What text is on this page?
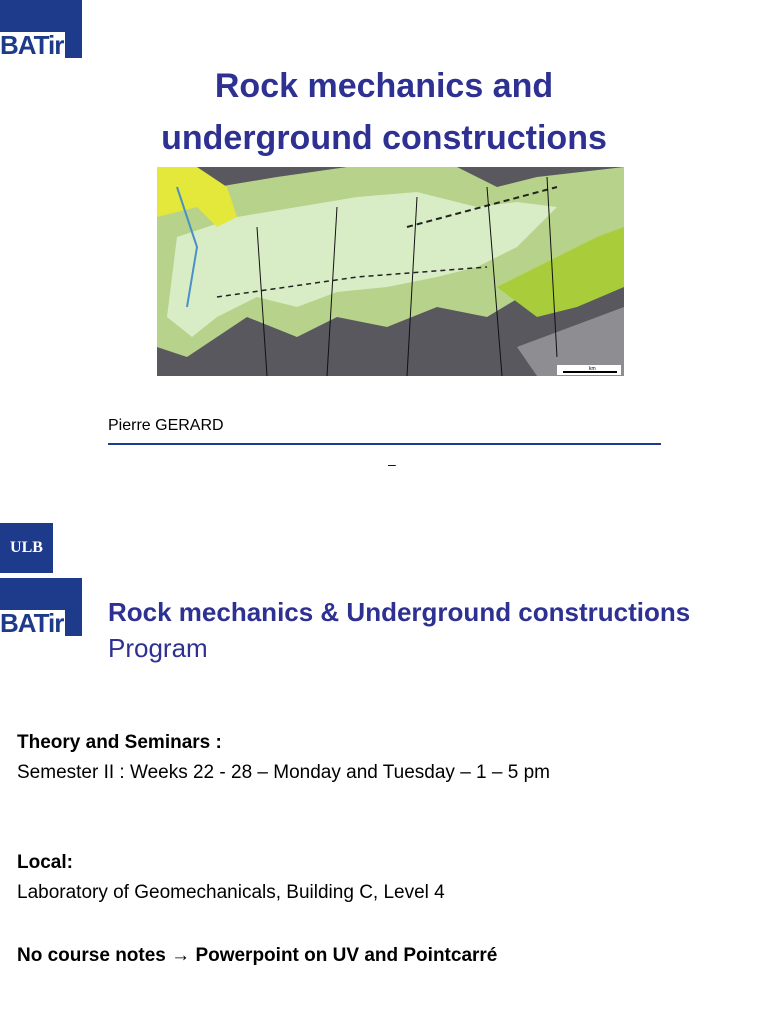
BATir
Rock mechanics and
underground constructions
km
Pierre GERARD
–
ULB
BATir Rock mechanics & Underground constructions
Program
Theory and Seminars :
Semester II : Weeks 22 - 28 – Monday and Tuesday – 1 – 5 pm
Local:
Laboratory of Geomechanicals, Building C, Level 4
No course notes → Powerpoint on UV and Pointcarré
